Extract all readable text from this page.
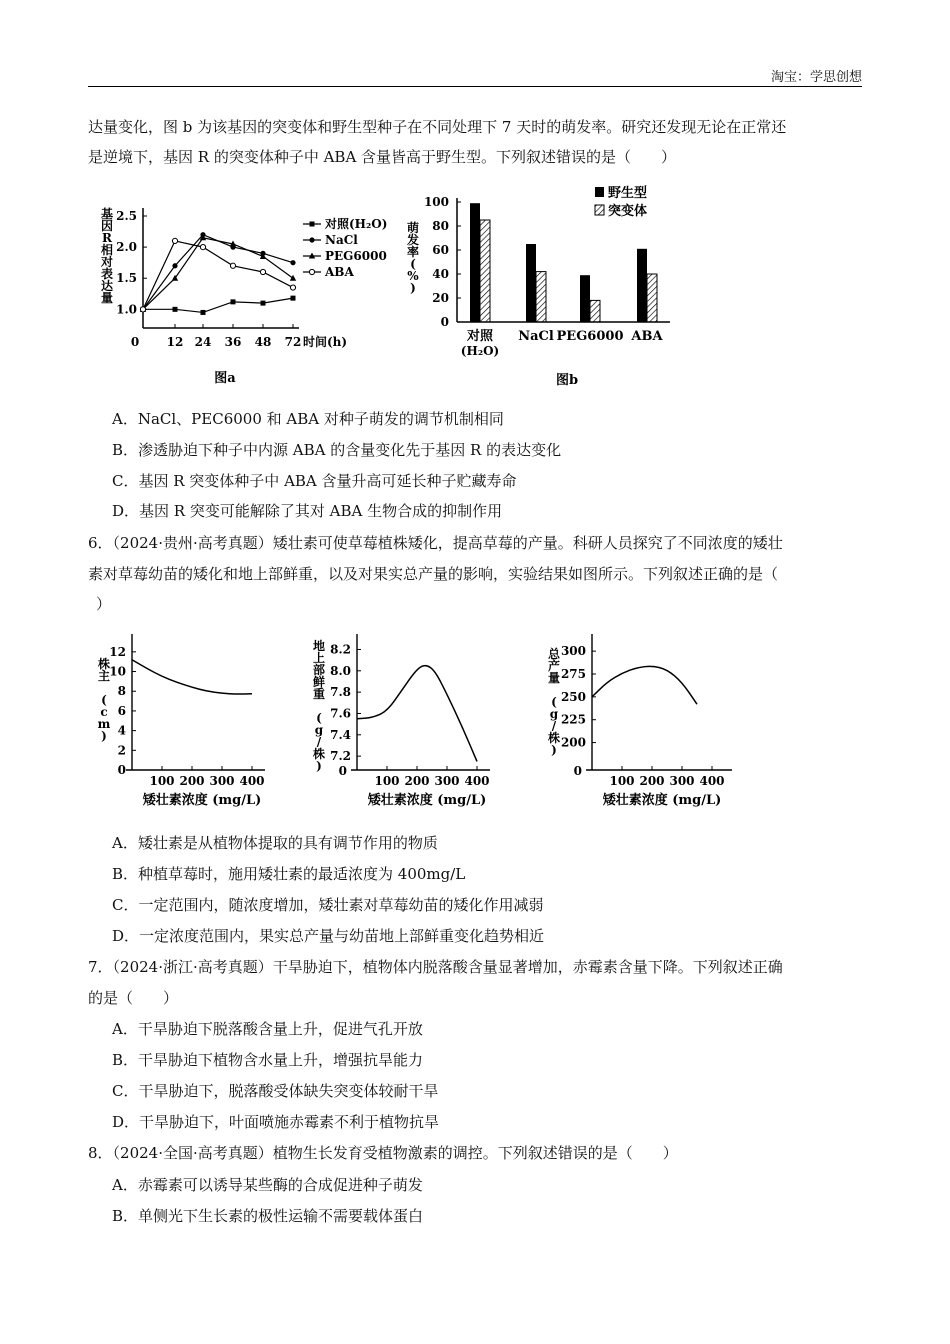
淘宝：学思创想
达量变化，图 b 为该基因的突变体和野生型种子在不同处理下 7 天时的萌发率。研究还发现无论在正常还
是逆境下，基因 R 的突变体种子中 ABA 含量皆高于野生型。下列叙述错误的是（　　）
1.0
1.5
2.0
2.5
0 12 24 36 48 72 时间(h)
基因 R 相对表达量
图a
对照(H₂O)
NaCl
PEG6000
ABA
0
20
40
60
80
100
萌发率( % )
对照
(H₂O)
NaCl PEG6000 ABA
野生型
突变体
图b
A．NaCl、PEC6000 和 ABA 对种子萌发的调节机制相同
B．渗透胁迫下种子中内源 ABA 的含量变化先于基因 R 的表达变化
C．基因 R 突变体种子中 ABA 含量升高可延长种子贮藏寿命
D．基因 R 突变可能解除了其对 ABA 生物合成的抑制作用
6．（2024·贵州·高考真题）矮壮素可使草莓植株矮化，提高草莓的产量。科研人员探究了不同浓度的矮壮
素对草莓幼苗的矮化和地上部鲜重，以及对果实总产量的影响，实验结果如图所示。下列叙述正确的是（
）
0
2
4
6
8
10
12
100 200 300 400
矮壮素浓度 (mg/L)
株主 ( c m )
7.2
7.4
7.6
7.8
8.0
8.2
0
100 200 300 400
矮壮素浓度 (mg/L)
地上部鲜重 ( g /株)
200
225
250
275
300
0
100 200 300 400
矮壮素浓度 (mg/L)
总产量 ( g /株)
A．矮壮素是从植物体提取的具有调节作用的物质
B．种植草莓时，施用矮壮素的最适浓度为 400mg/L
C．一定范围内，随浓度增加，矮壮素对草莓幼苗的矮化作用减弱
D．一定浓度范围内，果实总产量与幼苗地上部鲜重变化趋势相近
7．（2024·浙江·高考真题）干旱胁迫下，植物体内脱落酸含量显著增加，赤霉素含量下降。下列叙述正确
的是（　　）
A．干旱胁迫下脱落酸含量上升，促进气孔开放
B．干旱胁迫下植物含水量上升，增强抗旱能力
C．干旱胁迫下，脱落酸受体缺失突变体较耐干旱
D．干旱胁迫下，叶面喷施赤霉素不利于植物抗旱
8．（2024·全国·高考真题）植物生长发育受植物激素的调控。下列叙述错误的是（　　）
A．赤霉素可以诱导某些酶的合成促进种子萌发
B．单侧光下生长素的极性运输不需要载体蛋白
